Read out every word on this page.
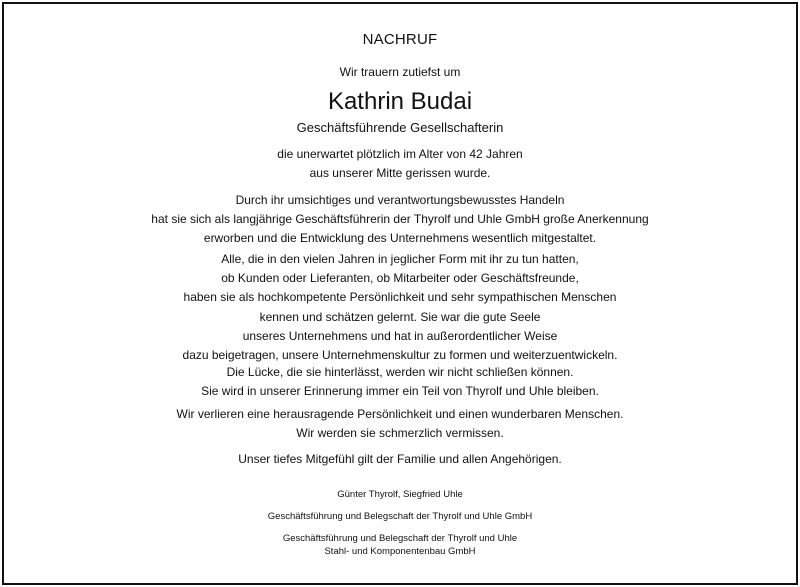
NACHRUF
Wir trauern zutiefst um
Kathrin Budai
Geschäftsführende Gesellschafterin
die unerwartet plötzlich im Alter von 42 Jahren
aus unserer Mitte gerissen wurde.
Durch ihr umsichtiges und verantwortungsbewusstes Handeln
hat sie sich als langjährige Geschäftsführerin der Thyrolf und Uhle GmbH große Anerkennung
erworben und die Entwicklung des Unternehmens wesentlich mitgestaltet.
Alle, die in den vielen Jahren in jeglicher Form mit ihr zu tun hatten,
ob Kunden oder Lieferanten, ob Mitarbeiter oder Geschäftsfreunde,
haben sie als hochkompetente Persönlichkeit und sehr sympathischen Menschen
kennen und schätzen gelernt. Sie war die gute Seele
unseres Unternehmens und hat in außerordentlicher Weise
dazu beigetragen, unsere Unternehmenskultur zu formen und weiterzuentwickeln.
Die Lücke, die sie hinterlässt, werden wir nicht schließen können.
Sie wird in unserer Erinnerung immer ein Teil von Thyrolf und Uhle bleiben.
Wir verlieren eine herausragende Persönlichkeit und einen wunderbaren Menschen.
Wir werden sie schmerzlich vermissen.
Unser tiefes Mitgefühl gilt der Familie und allen Angehörigen.
Günter Thyrolf, Siegfried Uhle
Geschäftsführung und Belegschaft der Thyrolf und Uhle GmbH
Geschäftsführung und Belegschaft der Thyrolf und Uhle
Stahl- und Komponentenbau GmbH
